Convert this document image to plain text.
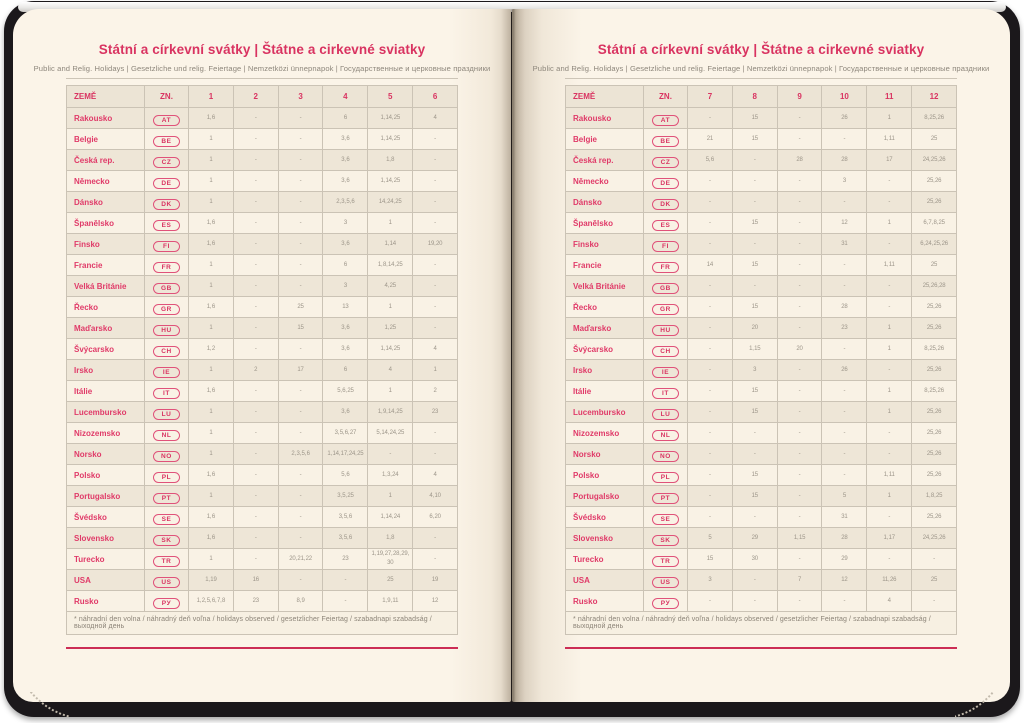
Státní a církevní svátky | Štátne a cirkevné sviatky
Public and Relig. Holidays | Gesetzliche und relig. Feiertage | Nemzetközi ünnepnapok | Государственные и церковные праздники
ZEMĚ	ZN.	1	2	3	4	5	6
Rakousko	AT	1, 6	-	-	6	1, 14, 25	4
Belgie	BE	1	-	-	3, 6	1, 14, 25	-
Česká rep.	CZ	1	-	-	3, 6	1, 8	-
Německo	DE	1	-	-	3, 6	1, 14, 25	-
Dánsko	DK	1	-	-	2, 3, 5, 6	14, 24, 25	-
Španělsko	ES	1, 6	-	-	3	1	-
Finsko	FI	1, 6	-	-	3, 6	1, 14	19, 20
Francie	FR	1	-	-	6	1, 8, 14, 25	-
Velká Británie	GB	1	-	-	3	4, 25	-
Řecko	GR	1, 6	-	25	13	1	-
Maďarsko	HU	1	-	15	3, 6	1, 25	-
Švýcarsko	CH	1, 2	-	-	3, 6	1, 14, 25	4
Irsko	IE	1	2	17	6	4	1
Itálie	IT	1, 6	-	-	5, 6, 25	1	2
Lucembursko	LU	1	-	-	3, 6	1, 9, 14, 25	23
Nizozemsko	NL	1	-	-	3, 5, 6, 27	5, 14, 24, 25	-
Norsko	NO	1	-	2, 3, 5, 6	1, 14, 17, 24, 25	-	-
Polsko	PL	1, 6	-	-	5, 6	1, 3, 24	4
Portugalsko	PT	1	-	-	3, 5, 25	1	4, 10
Švédsko	SE	1, 6	-	-	3, 5, 6	1, 14, 24	6, 20
Slovensko	SK	1, 6	-	-	3, 5, 6	1, 8	-
Turecko	TR	1	-	20, 21, 22	23	1, 19, 27, 28, 29, 30	-
USA	US	1, 19	16	-	-	25	19
Rusko	РУ	1, 2, 5, 6, 7, 8	23	8, 9	-	1, 9, 11	12
* náhradní den volna / náhradný deň voľna / holidays observed / gesetzlicher Feiertag / szabadnapi szabadság / выходной день							
Státní a církevní svátky | Štátne a cirkevné sviatky
Public and Relig. Holidays | Gesetzliche und relig. Feiertage | Nemzetközi ünnepnapok | Государственные и церковные праздники
ZEMĚ	ZN.	7	8	9	10	11	12
Rakousko	AT	-	15	-	26	1	8, 25, 26
Belgie	BE	21	15	-	-	1, 11	25
Česká rep.	CZ	5, 6	-	28	28	17	24, 25, 26
Německo	DE	-	-	-	3	-	25, 26
Dánsko	DK	-	-	-	-	-	25, 26
Španělsko	ES	-	15	-	12	1	6, 7, 8, 25
Finsko	FI	-	-	-	31	-	6, 24, 25, 26
Francie	FR	14	15	-	-	1, 11	25
Velká Británie	GB	-	-	-	-	-	25, 26, 28
Řecko	GR	-	15	-	28	-	25, 26
Maďarsko	HU	-	20	-	23	1	25, 26
Švýcarsko	CH	-	1, 15	20	-	1	8, 25, 26
Irsko	IE	-	3	-	26	-	25, 26
Itálie	IT	-	15	-	-	1	8, 25, 26
Lucembursko	LU	-	15	-	-	1	25, 26
Nizozemsko	NL	-	-	-	-	-	25, 26
Norsko	NO	-	-	-	-	-	25, 26
Polsko	PL	-	15	-	-	1, 11	25, 26
Portugalsko	PT	-	15	-	5	1	1, 8, 25
Švédsko	SE	-	-	-	31	-	25, 26
Slovensko	SK	5	29	1, 15	28	1, 17	24, 25, 26
Turecko	TR	15	30	-	29	-	-
USA	US	3	-	7	12	11, 26	25
Rusko	РУ	-	-	-	-	4	-
* náhradní den volna / náhradný deň voľna / holidays observed / gesetzlicher Feiertag / szabadnapi szabadság / выходной день							
